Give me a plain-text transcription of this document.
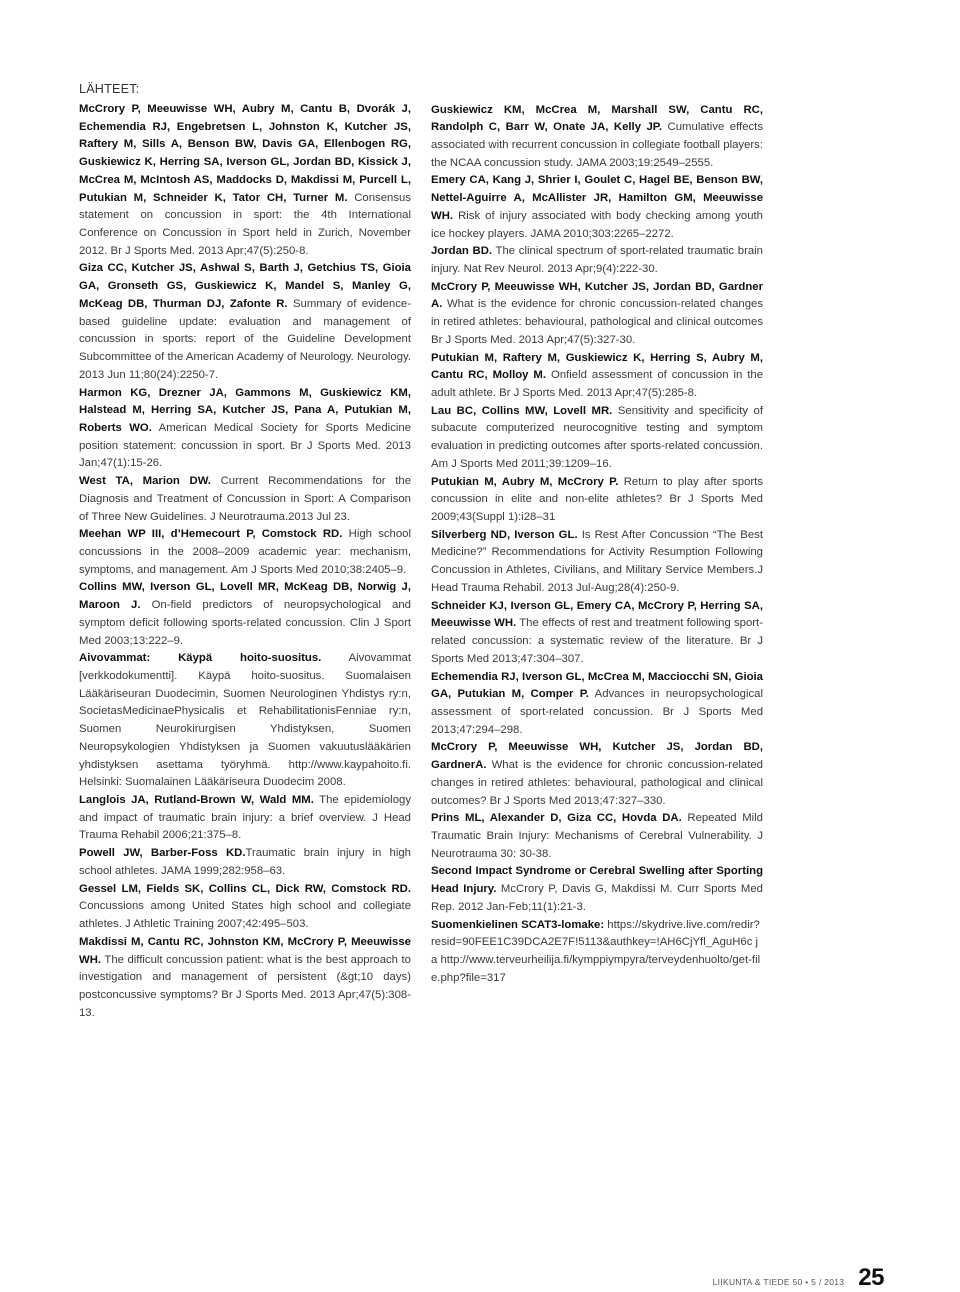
LÄHTEET:

McCrory P, Meeuwisse WH, Aubry M, Cantu B, Dvorák J, Echemendia RJ, Engebretsen L, Johnston K, Kutcher JS, Raftery M, Sills A, Benson BW, Davis GA, Ellenbogen RG, Guskiewicz K, Herring SA, Iverson GL, Jordan BD, Kissick J, McCrea M, McIntosh AS, Maddocks D, Makdissi M, Purcell L, Putukian M, Schneider K, Tator CH, Turner M. Consensus statement on concussion in sport: the 4th International Conference on Concussion in Sport held in Zurich, November 2012. Br J Sports Med. 2013 Apr;47(5):250-8.

Giza CC, Kutcher JS, Ashwal S, Barth J, Getchius TS, Gioia GA, Gronseth GS, Guskiewicz K, Mandel S, Manley G, McKeag DB, Thurman DJ, Zafonte R. Summary of evidence-based guideline update: evaluation and management of concussion in sports: report of the Guideline Development Subcommittee of the American Academy of Neurology. Neurology. 2013 Jun 11;80(24):2250-7.

Harmon KG, Drezner JA, Gammons M, Guskiewicz KM, Halstead M, Herring SA, Kutcher JS, Pana A, Putukian M, Roberts WO. American Medical Society for Sports Medicine position statement: concussion in sport. Br J Sports Med. 2013 Jan;47(1):15-26.

West TA, Marion DW. Current Recommendations for the Diagnosis and Treatment of Concussion in Sport: A Comparison of Three New Guidelines. J Neurotrauma.2013 Jul 23.

Meehan WP III, d’Hemecourt P, Comstock RD. High school concussions in the 2008–2009 academic year: mechanism, symptoms, and management. Am J Sports Med 2010;38:2405–9.

Collins MW, Iverson GL, Lovell MR, McKeag DB, Norwig J, Maroon J. On-field predictors of neuropsychological and symptom deficit following sports-related concussion. Clin J Sport Med 2003;13:222–9.

Aivovammat: Käypä hoito-suositus. Aivovammat [verkkodokumentti]. Käypä hoito-suositus. Suomalaisen Lääkäriseuran Duodecimin, Suomen Neurologinen Yhdistys ry:n, SocietasMedicinaePhysicalis et RehabilitationisFenniae ry:n, Suomen Neurokirurgisen Yhdistyksen, Suomen Neuropsykologien Yhdistyksen ja Suomen vakuutuslääkärien yhdistyksen asettama työryhmä. http://www.kaypahoito.fi. Helsinki: Suomalainen Lääkäriseura Duodecim 2008.

Langlois JA, Rutland-Brown W, Wald MM. The epidemiology and impact of traumatic brain injury: a brief overview. J Head Trauma Rehabil 2006;21:375–8.

Powell JW, Barber-Foss KD.Traumatic brain injury in high school athletes. JAMA 1999;282:958–63.

Gessel LM, Fields SK, Collins CL, Dick RW, Comstock RD. Concussions among United States high school and collegiate athletes. J Athletic Training 2007;42:495–503.

Makdissi M, Cantu RC, Johnston KM, McCrory P, Meeuwisse WH. The difficult concussion patient: what is the best approach to investigation and management of persistent (&gt;10 days) postconcussive symptoms? Br J Sports Med. 2013 Apr;47(5):308-13.

Guskiewicz KM, McCrea M, Marshall SW, Cantu RC, Randolph C, Barr W, Onate JA, Kelly JP. Cumulative effects associated with recurrent concussion in collegiate football players: the NCAA concussion study. JAMA 2003;19:2549–2555.

Emery CA, Kang J, Shrier I, Goulet C, Hagel BE, Benson BW, Nettel-Aguirre A, McAllister JR, Hamilton GM, Meeuwisse WH. Risk of injury associated with body checking among youth ice hockey players. JAMA 2010;303:2265–2272.

Jordan BD. The clinical spectrum of sport-related traumatic brain injury. Nat Rev Neurol. 2013 Apr;9(4):222-30.

McCrory P, Meeuwisse WH, Kutcher JS, Jordan BD, Gardner A. What is the evidence for chronic concussion-related changes in retired athletes: behavioural, pathological and clinical outcomes Br J Sports Med. 2013 Apr;47(5):327-30.

Putukian M, Raftery M, Guskiewicz K, Herring S, Aubry M, Cantu RC, Molloy M. Onfield assessment of concussion in the adult athlete. Br J Sports Med. 2013 Apr;47(5):285-8.

Lau BC, Collins MW, Lovell MR. Sensitivity and specificity of subacute computerized neurocognitive testing and symptom evaluation in predicting outcomes after sports-related concussion. Am J Sports Med 2011;39:1209–16.

Putukian M, Aubry M, McCrory P. Return to play after sports concussion in elite and non-elite athletes? Br J Sports Med 2009;43(Suppl 1):i28–31

Silverberg ND, Iverson GL. Is Rest After Concussion “The Best Medicine?” Recommendations for Activity Resumption Following Concussion in Athletes, Civilians, and Military Service Members.J Head Trauma Rehabil. 2013 Jul-Aug;28(4):250-9.

Schneider KJ, Iverson GL, Emery CA, McCrory P, Herring SA, Meeuwisse WH. The effects of rest and treatment following sport-related concussion: a systematic review of the literature. Br J Sports Med 2013;47:304–307.

Echemendia RJ, Iverson GL, McCrea M, Macciocchi SN, Gioia GA, Putukian M, Comper P. Advances in neuropsychological assessment of sport-related concussion. Br J Sports Med 2013;47:294–298.

McCrory P, Meeuwisse WH, Kutcher JS, Jordan BD, GardnerA. What is the evidence for chronic concussion-related changes in retired athletes: behavioural, pathological and clinical outcomes? Br J Sports Med 2013;47:327–330.

Prins ML, Alexander D, Giza CC, Hovda DA. Repeated Mild Traumatic Brain Injury: Mechanisms of Cerebral Vulnerability. J Neurotrauma 30: 30-38.

Second Impact Syndrome or Cerebral Swelling after Sporting Head Injury. McCrory P, Davis G, Makdissi M. Curr Sports Med Rep. 2012 Jan-Feb;11(1):21-3.

Suomenkielinen SCAT3-lomake: https://skydrive.live.com/redir?resid=90FEE1C39DCA2E7F!5113&authkey=!AH6CjYfl_AguH6c ja http://www.terveurheilija.fi/kymppiympyra/terveydenhuolto/get-file.php?file=317

LIIKUNTA & TIEDE 50 • 5 / 2013 25
